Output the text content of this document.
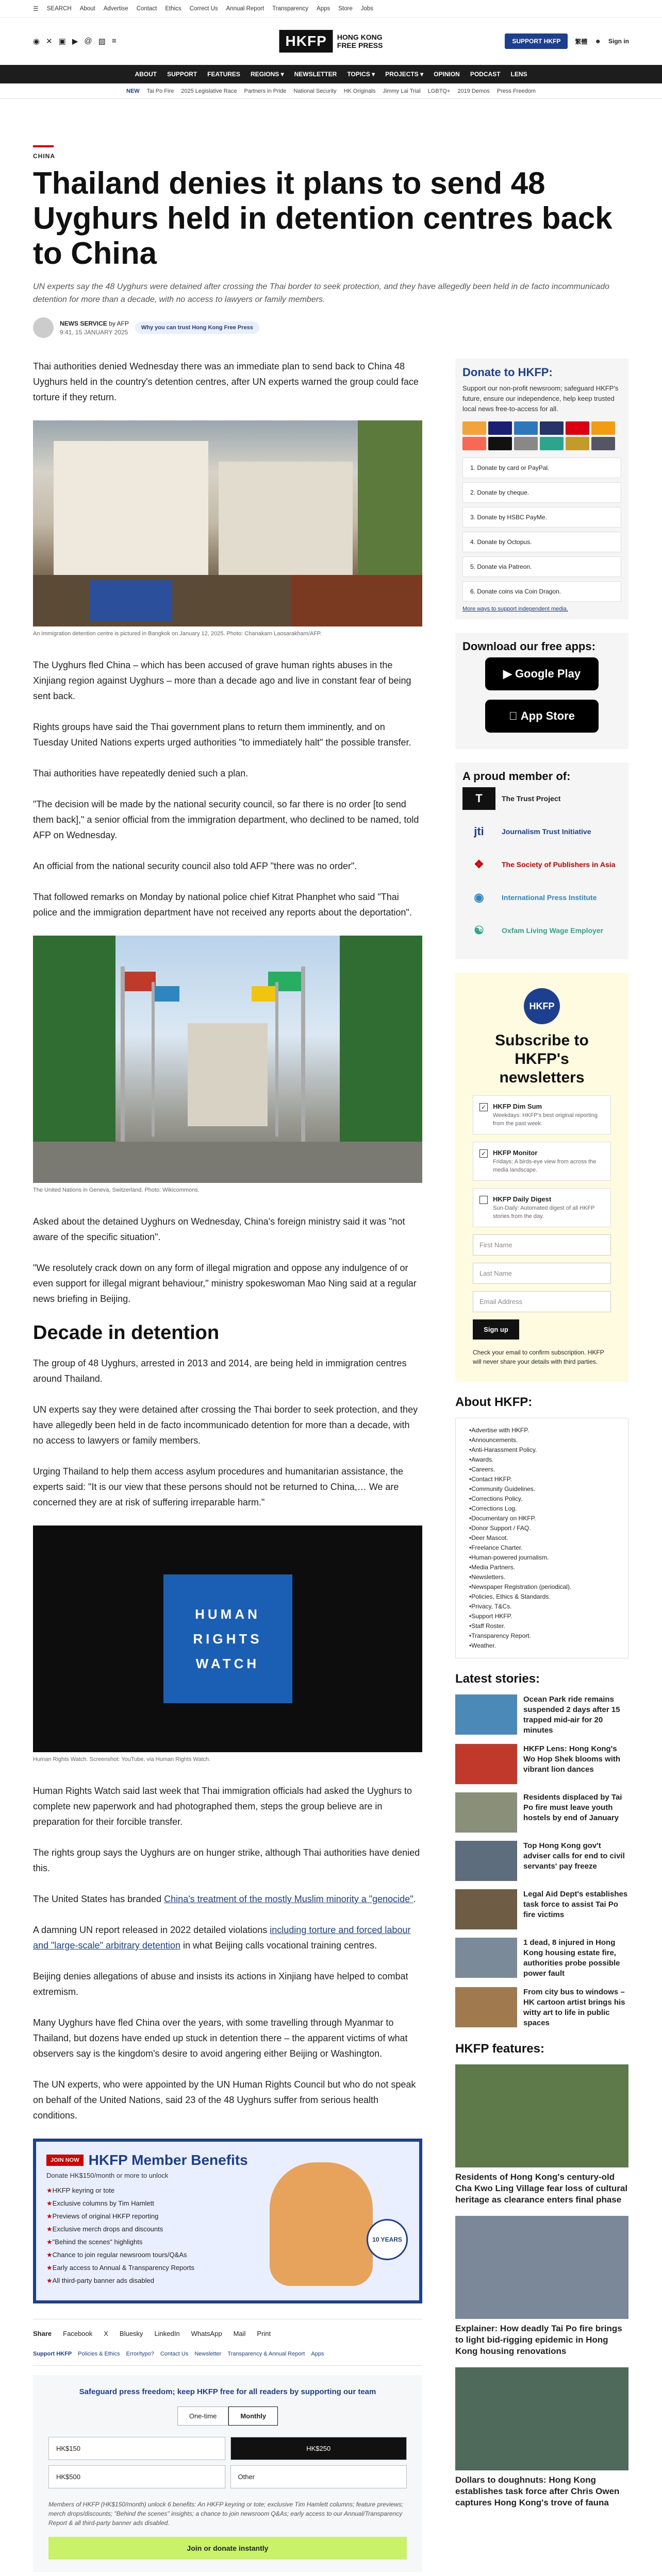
☰ SEARCH About Advertise Contact Ethics Correct Us Annual Report Transparency Apps Store Jobs
◉ ✕ ▣ ▶ @ ▧ ≡	HKFP	HONG KONG
FREE PRESS	SUPPORT HKFP	繁體 ☻ Sign in
ABOUT SUPPORT FEATURES REGIONS ▾ NEWSLETTER TOPICS ▾ PROJECTS ▾ OPINION PODCAST LENS
NEW Tai Po Fire 2025 Legislative Race Partners in Pride National Security HK Originals Jimmy Lai Trial LGBTQ+ 2019 Demos Press Freedom
CHINA
Thailand denies it plans to send 48 Uyghurs held in detention centres back to China
UN experts say the 48 Uyghurs were detained after crossing the Thai border to seek protection, and they have allegedly been held in de facto incommunicado detention for more than a decade, with no access to lawyers or family members.
NEWS SERVICE by AFP
9:41, 15 JANUARY 2025
Why you can trust Hong Kong Free Press

Thai authorities denied Wednesday there was an immediate plan to send back to China 48 Uyghurs held in the country's detention centres, after UN experts warned the group could face torture if they return.

An immigration detention centre is pictured in Bangkok on January 12, 2025. Photo: Chanakarn Laosarakham/AFP.

The Uyghurs fled China – which has been accused of grave human rights abuses in the Xinjiang region against Uyghurs – more than a decade ago and live in constant fear of being sent back.

Rights groups have said the Thai government plans to return them imminently, and on Tuesday United Nations experts urged authorities "to immediately halt" the possible transfer.

Thai authorities have repeatedly denied such a plan.

"The decision will be made by the national security council, so far there is no order [to send them back]," a senior official from the immigration department, who declined to be named, told AFP on Wednesday.

An official from the national security council also told AFP "there was no order".

That followed remarks on Monday by national police chief Kitrat Phanphet who said "Thai police and the immigration department have not received any reports about the deportation".

The United Nations in Geneva, Switzerland. Photo: Wikicommons.

Asked about the detained Uyghurs on Wednesday, China's foreign ministry said it was "not aware of the specific situation".

"We resolutely crack down on any form of illegal migration and oppose any indulgence of or even support for illegal migrant behaviour," ministry spokeswoman Mao Ning said at a regular news briefing in Beijing.

Decade in detention

The group of 48 Uyghurs, arrested in 2013 and 2014, are being held in immigration centres around Thailand.

UN experts say they were detained after crossing the Thai border to seek protection, and they have allegedly been held in de facto incommunicado detention for more than a decade, with no access to lawyers or family members.

Urging Thailand to help them access asylum procedures and humanitarian assistance, the experts said: "It is our view that these persons should not be returned to China,… We are concerned they are at risk of suffering irreparable harm."

HUMAN
RIGHTS
WATCH
Human Rights Watch. Screenshot: YouTube, via Human Rights Watch.

Human Rights Watch said last week that Thai immigration officials had asked the Uyghurs to complete new paperwork and had photographed them, steps the group believe are in preparation for their forcible transfer.

The rights group says the Uyghurs are on hunger strike, although Thai authorities have denied this.

The United States has branded China's treatment of the mostly Muslim minority a "genocide".

A damning UN report released in 2022 detailed violations including torture and forced labour and "large-scale" arbitrary detention in what Beijing calls vocational training centres.

Beijing denies allegations of abuse and insists its actions in Xinjiang have helped to combat extremism.

Many Uyghurs have fled China over the years, with some travelling through Myanmar to Thailand, but dozens have ended up stuck in detention there – the apparent victims of what observers say is the kingdom's desire to avoid angering either Beijing or Washington.

The UN experts, who were appointed by the UN Human Rights Council but who do not speak on behalf of the United Nations, said 23 of the 48 Uyghurs suffer from serious health conditions.

JOIN NOW HKFP Member Benefits
Donate HK$150/month or more to unlock
★ HKFP keyring or tote
★ Exclusive columns by Tim Hamlett
★ Previews of original HKFP reporting
★ Exclusive merch drops and discounts
★ "Behind the scenes" highlights
★ Chance to join regular newsroom tours/Q&As
★ Early access to Annual & Transparency Reports
★ All third-party banner ads disabled
10 YEARS
Share Facebook X Bluesky LinkedIn WhatsApp Mail Print
Support HKFP Policies & Ethics Error/typo? Contact Us Newsletter Transparency & Annual Report Apps
Safeguard press freedom; keep HKFP free for all readers by supporting our team
One-time	Monthly
HK$150	HK$250
HK$500	Other
Members of HKFP (HK$150/month) unlock 6 benefits: An HKFP keyring or tote; exclusive Tim Hamlett columns; feature previews; merch drops/discounts; "Behind the scenes" insights; a chance to join newsroom Q&As; early access to our Annual/Transparency Report & all third-party banner ads disabled.
Join or donate instantly
Donate to HKFP:

Support our non-profit newsroom; safeguard HKFP's future, ensure our independence, help keep trusted local news free-to-access for all.

1. Donate by card or PayPal.
2. Donate by cheque.
3. Donate by HSBC PayMe.
4. Donate by Octopus.
5. Donate via Patreon.
6. Donate coins via Coin Dragon.
More ways to support independent media.
Download our free apps:
▶ Google Play
App Store
A proud member of:
T	The Trust Project
jti	Journalism Trust Initiative
❖	The Society of Publishers in Asia
◉	International Press Institute
☯	Oxfam Living Wage Employer
HKFP
Subscribe to HKFP's newsletters
✓ HKFP Dim Sum

Weekdays: HKFP's best original reporting from the past week.

✓ HKFP Monitor

Fridays: A birds-eye view from across the media landscape.

HKFP Daily Digest

Sun-Daily: Automated digest of all HKFP stories from the day.

First Name
Last Name
Email Address
Sign up
Check your email to confirm subscription. HKFP will never share your details with third parties.
About HKFP:
• Advertise with HKFP.
• Announcements.
• Anti-Harassment Policy.
• Awards.
• Careers.
• Contact HKFP.
• Community Guidelines.
• Corrections Policy.
• Corrections Log.
• Documentary on HKFP.
• Donor Support / FAQ.
• Deer Mascot.
• Freelance Charter.
• Human-powered journalism.
• Media Partners.
• Newsletters.
• Newspaper Registration (periodical).
• Policies, Ethics & Standards.
• Privacy, T&Cs.
• Support HKFP.
• Staff Roster.
• Transparency Report.
• Weather.
Latest stories:
Ocean Park ride remains suspended 2 days after 15 trapped mid-air for 20 minutes
HKFP Lens: Hong Kong's Wo Hop Shek blooms with vibrant lion dances
Residents displaced by Tai Po fire must leave youth hostels by end of January
Top Hong Kong gov't adviser calls for end to civil servants' pay freeze
Legal Aid Dept's establishes task force to assist Tai Po fire victims
1 dead, 8 injured in Hong Kong housing estate fire, authorities probe possible power fault
From city bus to windows – HK cartoon artist brings his witty art to life in public spaces
HKFP features:
Residents of Hong Kong's century-old Cha Kwo Ling Village fear loss of cultural heritage as clearance enters final phase
Explainer: How deadly Tai Po fire brings to light bid-rigging epidemic in Hong Kong housing renovations
Dollars to doughnuts: Hong Kong establishes task force after Chris Owen captures Hong Kong's trove of fauna
